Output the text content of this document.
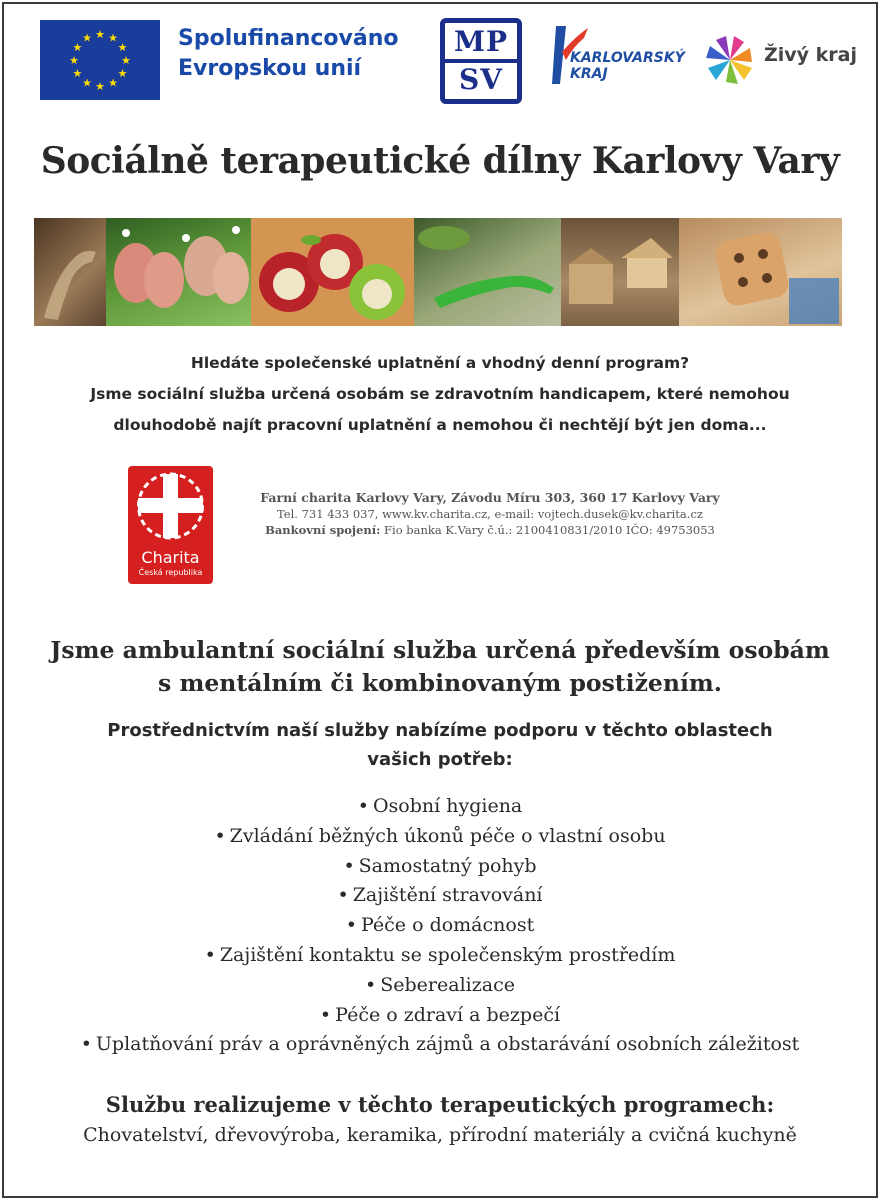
★ ★
★
★
★
★
★
★
★
★
★
★	Spolufinancováno
Evropskou unií
MP
SV
KARLOVARSKÝ
KRAJ
Živý kraj
Sociálně terapeutické dílny Karlovy Vary
Hledáte společenské uplatnění a vhodný denní program?
Jsme sociální služba určená osobám se zdravotním handicapem, které nemohou
dlouhodobě najít pracovní uplatnění a nemohou či nechtějí být jen doma...
Charita
Česká republika
Farní charita Karlovy Vary, Závodu Míru 303, 360 17 Karlovy Vary
Tel. 731 433 037, www.kv.charita.cz, e-mail: vojtech.dusek@kv.charita.cz
Bankovní spojení: Fio banka K.Vary č.ú.: 2100410831/2010 IČO: 49753053
Jsme ambulantní sociální služba určená především osobám
s mentálním či kombinovaným postižením.
Prostřednictvím naší služby nabízíme podporu v těchto oblastech
vašich potřeb:
• Osobní hygiena
• Zvládání běžných úkonů péče o vlastní osobu
• Samostatný pohyb
• Zajištění stravování
• Péče o domácnost
• Zajištění kontaktu se společenským prostředím
• Seberealizace
• Péče o zdraví a bezpečí
• Uplatňování práv a oprávněných zájmů a obstarávání osobních záležitost
Službu realizujeme v těchto terapeutických programech:
Chovatelství, dřevovýroba, keramika, přírodní materiály a cvičná kuchyně
